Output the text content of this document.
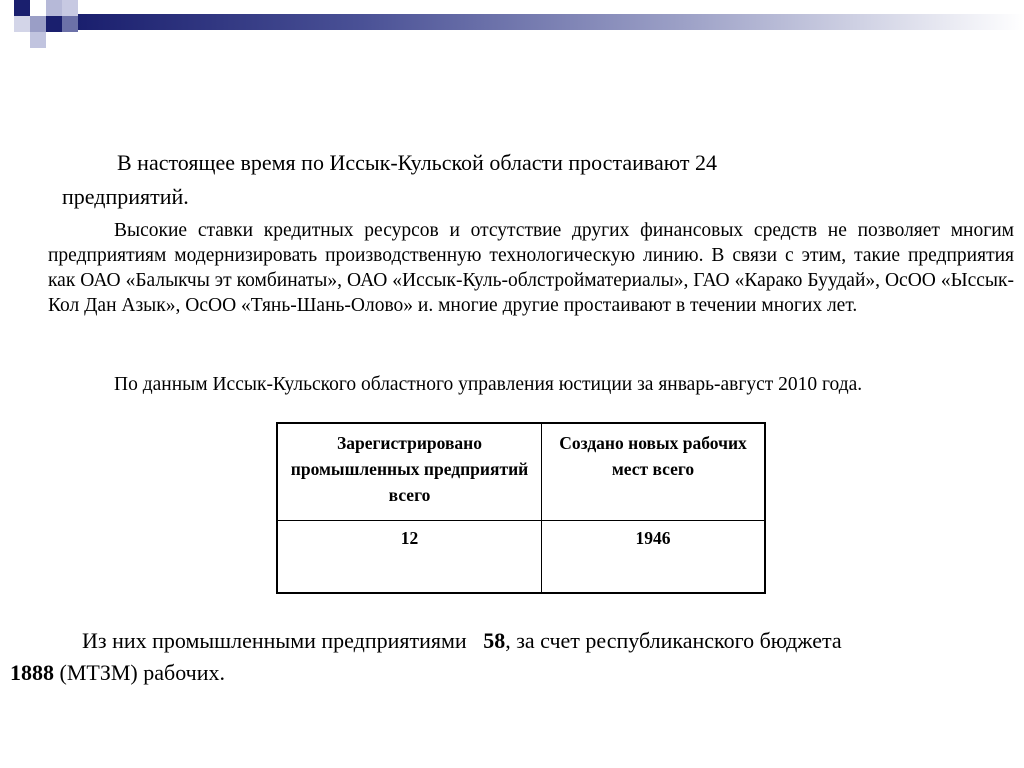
В настоящее время по Иссык-Кульской области простаивают 24
предприятий.

Высокие ставки кредитных ресурсов и отсутствие других финансовых средств не позволяет многим предприятиям модернизировать производственную технологическую линию. В связи с этим, такие предприятия как ОАО «Балыкчы эт комбинаты», ОАО «Иссык-Куль-облстройматериалы», ГАО «Карако Буудай», ОсОО «Ыссык-Кол Дан Азык», ОсОО «Тянь-Шань-Олово» и. многие другие простаивают в течении многих лет.

По данным Иссык-Кульского областного управления юстиции за январь-август 2010 года.

Зарегистрировано промышленных предприятий всего	Создано новых рабочих мест всего
12	1946
Из них промышленными предприятиями 58, за счет республиканского бюджета
1888 (МТЗМ) рабочих.
